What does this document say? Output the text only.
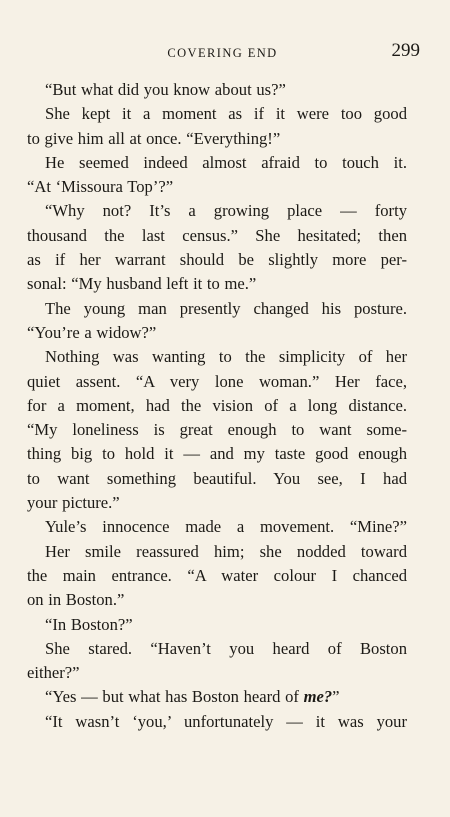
COVERING END	299
“But what did you know about us?”
She kept it a moment as if it were too good
to give him all at once. “Everything!”
He seemed indeed almost afraid to touch it.
“At ‘Missoura Top’?”
“Why not? It’s a growing place — forty
thousand the last census.” She hesitated; then
as if her warrant should be slightly more per-
sonal: “My husband left it to me.”
The young man presently changed his posture.
“You’re a widow?”
Nothing was wanting to the simplicity of her
quiet assent. “A very lone woman.” Her face,
for a moment, had the vision of a long distance.
“My loneliness is great enough to want some-
thing big to hold it — and my taste good enough
to want something beautiful. You see, I had
your picture.”
Yule’s innocence made a movement. “Mine?”
Her smile reassured him; she nodded toward
the main entrance. “A water colour I chanced
on in Boston.”
“In Boston?”
She stared. “Haven’t you heard of Boston
either?”
“Yes — but what has Boston heard of me?”
“It wasn’t ‘you,’ unfortunately — it was your
